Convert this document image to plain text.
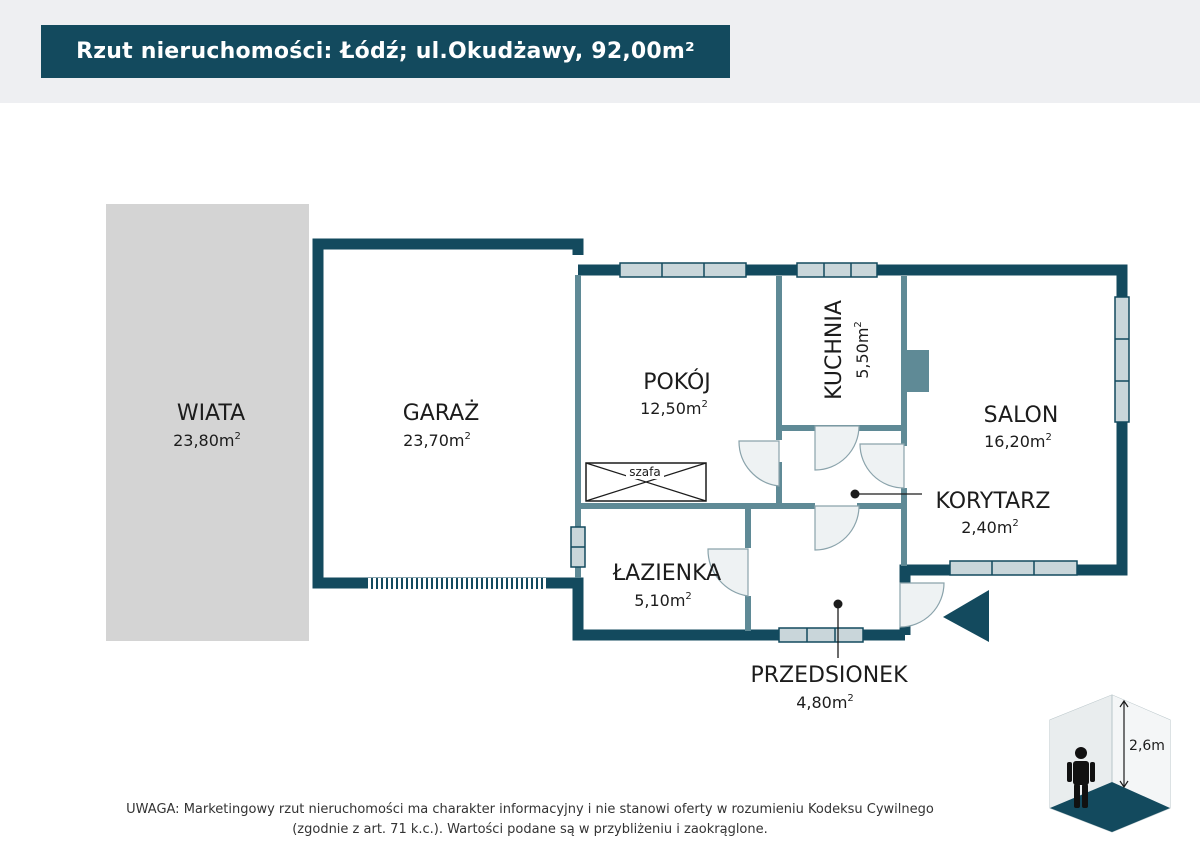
Rzut nieruchomości: Łódź; ul.Okudżawy, 92,00m²
szafa
WIATA
$23,80m^2$
GARAŻ
$23,70m^2$
POKÓJ
$12,50m^2$
KUCHNIA $5,50m^2$
SALON
$16,20m^2$
KORYTARZ
$2,40m^2$
ŁAZIENKA
$5,10m^2$
PRZEDSIONEK
$4,80m^2$
2,6m
UWAGA: Marketingowy rzut nieruchomości ma charakter informacyjny i nie stanowi oferty w rozumieniu Kodeksu Cywilnego
(zgodnie z art. 71 k.c.). Wartości podane są w przybliżeniu i zaokrąglone.
